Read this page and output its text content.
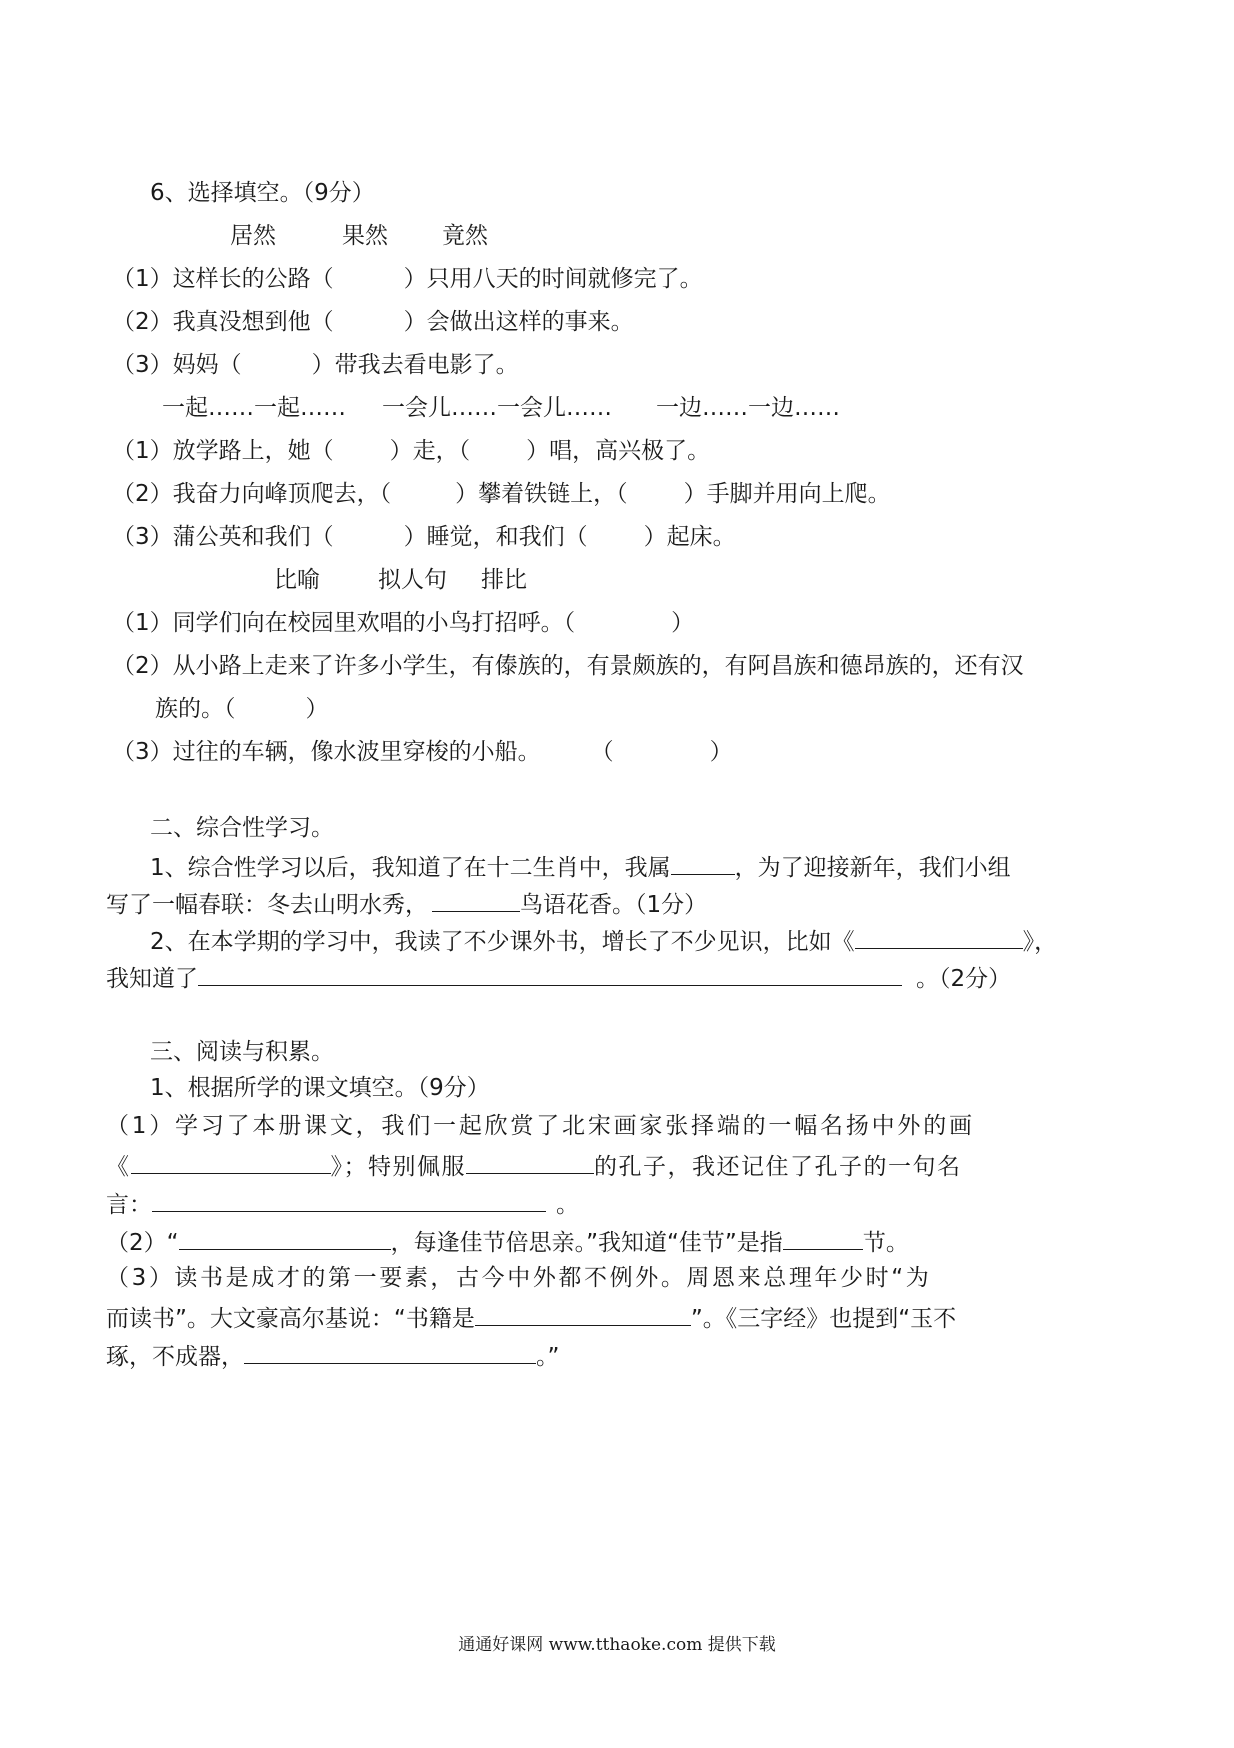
6、选择填空。（9分）
居然	果然 竟然
（1）这样长的公路（	）只用八天的时间就修完了。
（2）我真没想到他（	）会做出这样的事来。
（3）妈妈（	）带我去看电影了。
一起……一起…… 一会儿……一会儿…… 一边……一边……
（1）放学路上，她（ ）走，（ ）唱，高兴极了。
（2）我奋力向峰顶爬去，（	）攀着铁链上，（ ）手脚并用向上爬。
（3）蒲公英和我们（	）睡觉，和我们（ ）起床。
比喻	拟人句 排比
（1）同学们向在校园里欢唱的小鸟打招呼。（	）
（2）从小路上走来了许多小学生，有傣族的，有景颇族的，有阿昌族和德昂族的，还有汉
族的。（	）
（3）过往的车辆，像水波里穿梭的小船。 （	）
二、综合性学习。
1、综合性学习以后，我知道了在十二生肖中，我属	，为了迎接新年，我们小组
写了一幅春联：冬去山明水秀，	鸟语花香。（1分）
2、在本学期的学习中，我读了不少课外书，增长了不少见识，比如《	》，
我知道了	。（2分）
三、阅读与积累。
1、根据所学的课文填空。（9分）
（1）学习了本册课文，我们一起欣赏了北宋画家张择端的一幅名扬中外的画
《	》；特别佩服	的孔子，我还记住了孔子的一句名
言：	。
（2）“	，每逢佳节倍思亲。”我知道“佳节”是指	节。
（3）读书是成才的第一要素，古今中外都不例外。周恩来总理年少时“为
而读书”。大文豪高尔基说：“书籍是	”。《三字经》也提到“玉不
琢，不成器，	。”
通通好课网 www.tthaoke.com 提供下载
